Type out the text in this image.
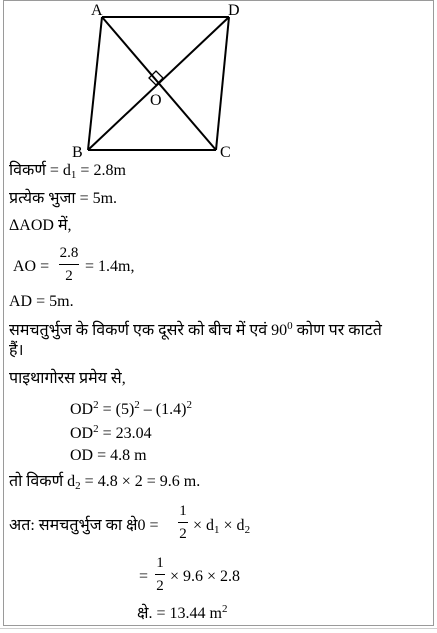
A	D
B	C
O
विकर्ण = $d_1 = 2.8m$
प्रत्येक भुजा = 5m.
ΔAOD में,
AO =
2.8
2
= 1.4m,
AD = 5m.
समचतुर्भुज के विकर्ण एक दूसरे को बीच में एवं $90^0$ कोण पर काटते
हैं।
पाइथागोरस प्रमेय से,
$OD^2 = (5)^2 - (1.4)^2$
$OD^2 = 23.04$
OD = 4.8 m
तो विकर्ण $d_2 = 4.8 \times 2 = 9.6$ m.
अत: समचतुर्भुज का क्षे0 =
1
$2 \times d_1 \times d_2$
=
1
2
× 9.6 × 2.8
क्षे. = 13.44 $m^2$
